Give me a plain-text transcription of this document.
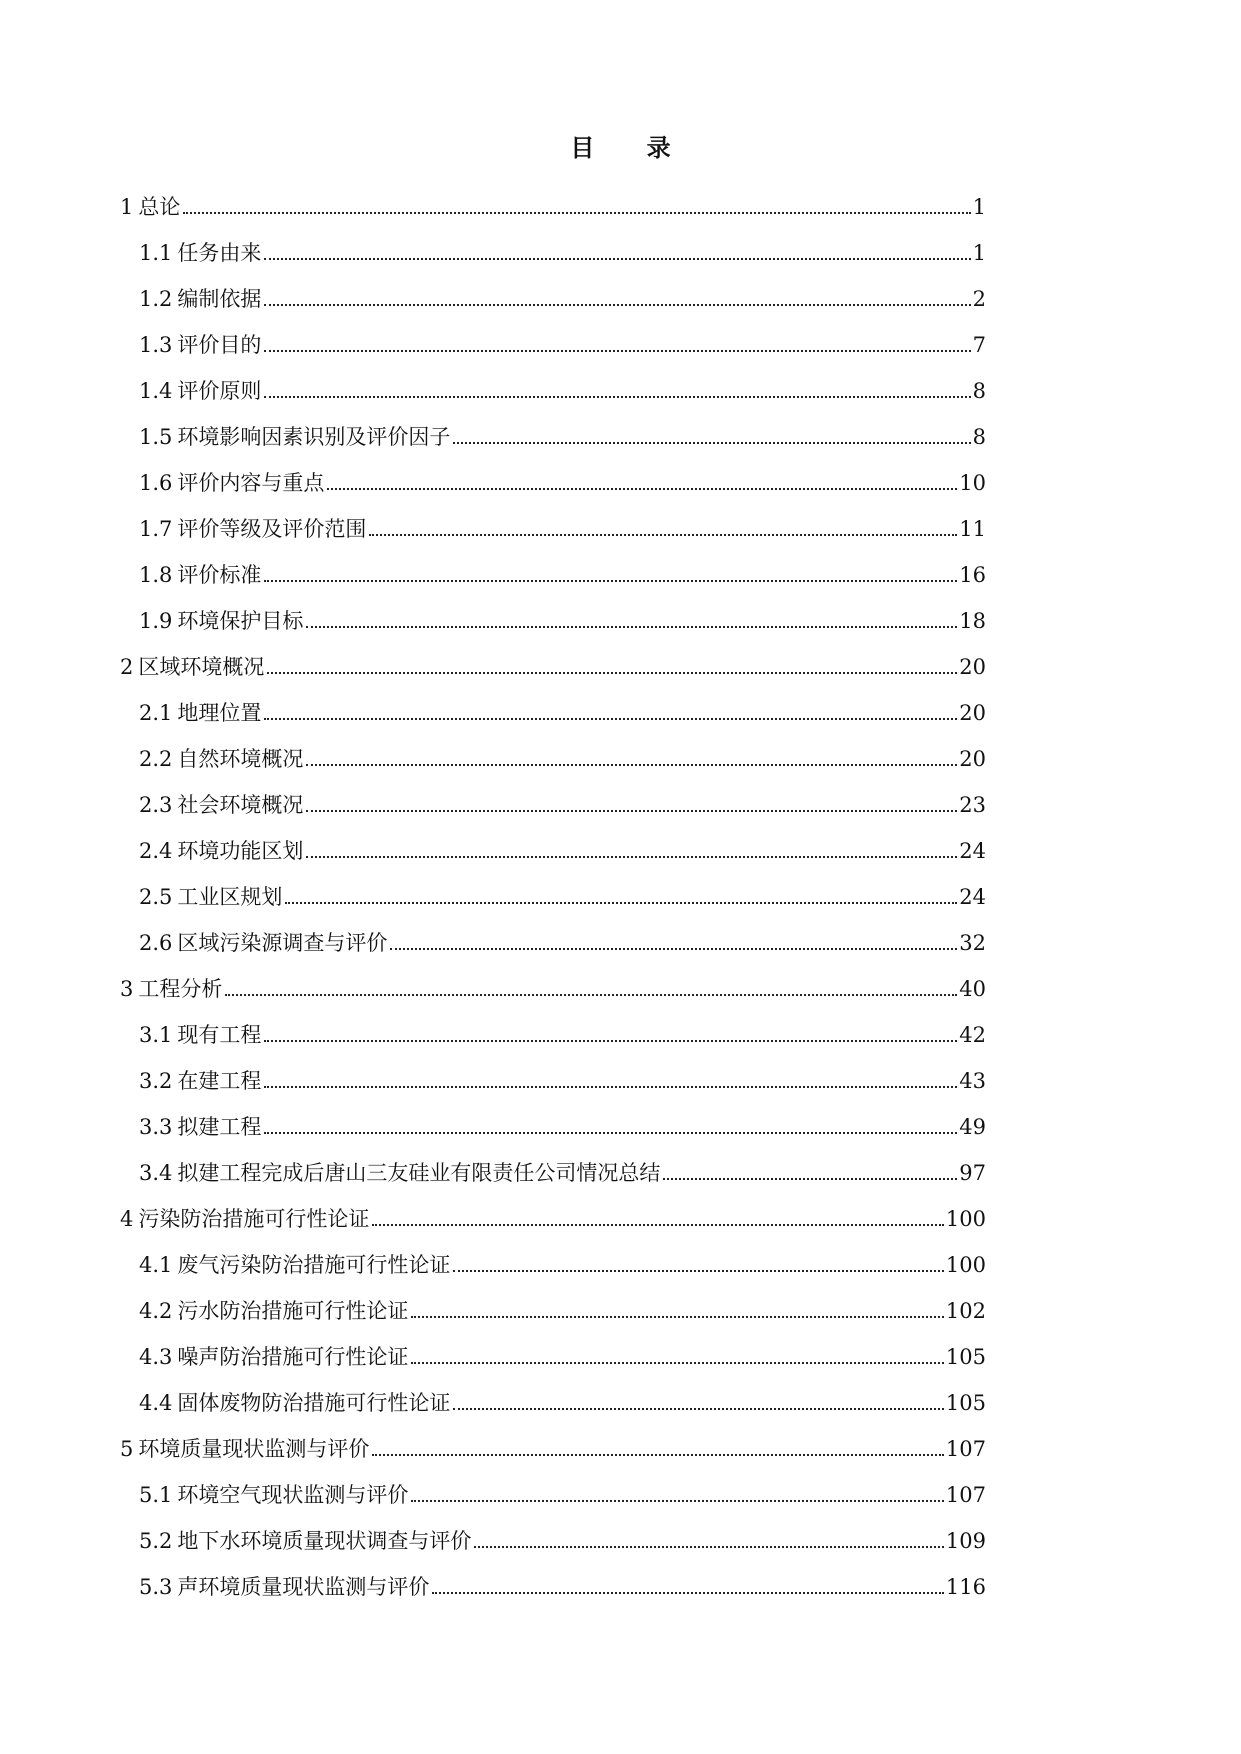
目 录
1 总论	1
1.1 任务由来	1
1.2 编制依据	2
1.3 评价目的	7
1.4 评价原则	8
1.5 环境影响因素识别及评价因子	8
1.6 评价内容与重点	10
1.7 评价等级及评价范围	11
1.8 评价标准	16
1.9 环境保护目标	18
2 区域环境概况	20
2.1 地理位置	20
2.2 自然环境概况	20
2.3 社会环境概况	23
2.4 环境功能区划	24
2.5 工业区规划	24
2.6 区域污染源调查与评价	32
3 工程分析	40
3.1 现有工程	42
3.2 在建工程	43
3.3 拟建工程	49
3.4 拟建工程完成后唐山三友硅业有限责任公司情况总结	97
4 污染防治措施可行性论证	100
4.1 废气污染防治措施可行性论证	100
4.2 污水防治措施可行性论证	102
4.3 噪声防治措施可行性论证	105
4.4 固体废物防治措施可行性论证	105
5 环境质量现状监测与评价	107
5.1 环境空气现状监测与评价	107
5.2 地下水环境质量现状调查与评价	109
5.3 声环境质量现状监测与评价	116
